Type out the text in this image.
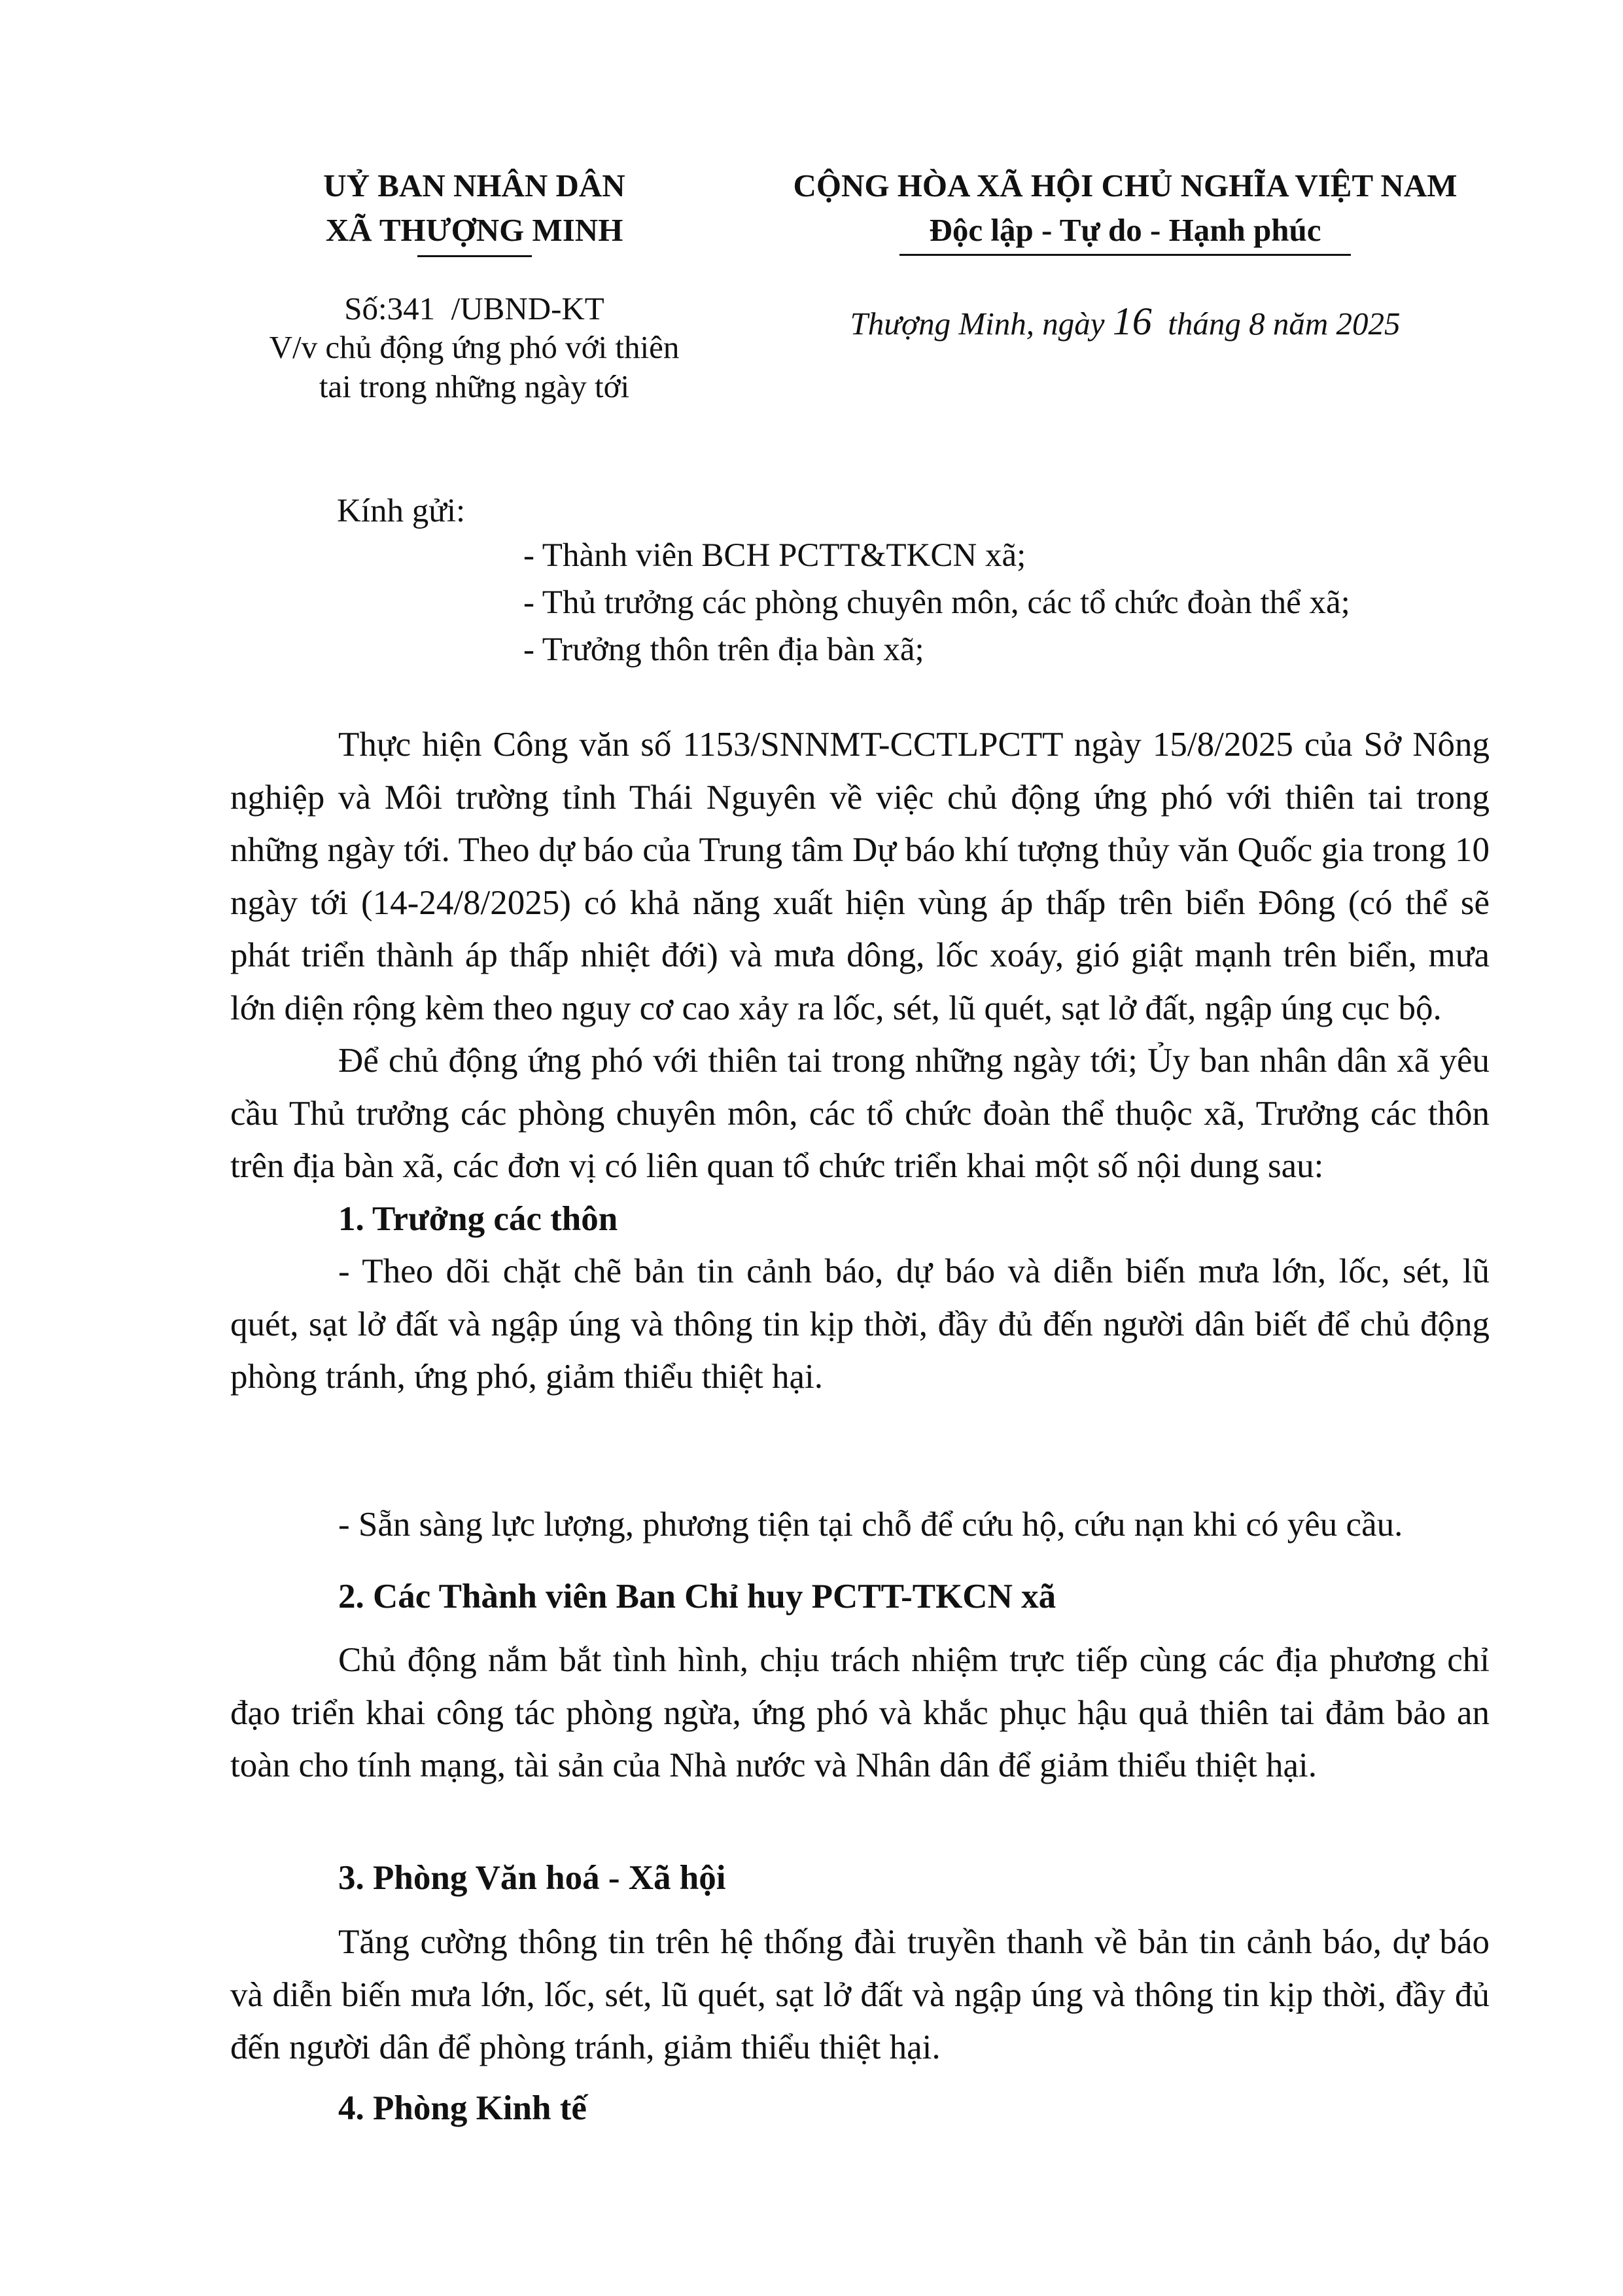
UỶ BAN NHÂN DÂN
XÃ THƯỢNG MINH
Số:341 /UBND-KT
V/v chủ động ứng phó với thiên
tai trong những ngày tới
CỘNG HÒA XÃ HỘI CHỦ NGHĨA VIỆT NAM
Độc lập - Tự do - Hạnh phúc
Thượng Minh, ngày 16 tháng 8 năm 2025
Kính gửi:
- Thành viên BCH PCTT&TKCN xã;
- Thủ trưởng các phòng chuyên môn, các tổ chức đoàn thể xã;
- Trưởng thôn trên địa bàn xã;

Thực hiện Công văn số 1153/SNNMT-CCTLPCTT ngày 15/8/2025 của Sở Nông nghiệp và Môi trường tỉnh Thái Nguyên về việc chủ động ứng phó với thiên tai trong những ngày tới. Theo dự báo của Trung tâm Dự báo khí tượng thủy văn Quốc gia trong 10 ngày tới (14-24/8/2025) có khả năng xuất hiện vùng áp thấp trên biển Đông (có thể sẽ phát triển thành áp thấp nhiệt đới) và mưa dông, lốc xoáy, gió giật mạnh trên biển, mưa lớn diện rộng kèm theo nguy cơ cao xảy ra lốc, sét, lũ quét, sạt lở đất, ngập úng cục bộ.

Để chủ động ứng phó với thiên tai trong những ngày tới; Ủy ban nhân dân xã yêu cầu Thủ trưởng các phòng chuyên môn, các tổ chức đoàn thể thuộc xã, Trưởng các thôn trên địa bàn xã, các đơn vị có liên quan tổ chức triển khai một số nội dung sau:

1. Trưởng các thôn

- Theo dõi chặt chẽ bản tin cảnh báo, dự báo và diễn biến mưa lớn, lốc, sét, lũ quét, sạt lở đất và ngập úng và thông tin kịp thời, đầy đủ đến người dân biết để chủ động phòng tránh, ứng phó, giảm thiểu thiệt hại.

- Sẵn sàng lực lượng, phương tiện tại chỗ để cứu hộ, cứu nạn khi có yêu cầu.

2. Các Thành viên Ban Chỉ huy PCTT-TKCN xã

Chủ động nắm bắt tình hình, chịu trách nhiệm trực tiếp cùng các địa phương chỉ đạo triển khai công tác phòng ngừa, ứng phó và khắc phục hậu quả thiên tai đảm bảo an toàn cho tính mạng, tài sản của Nhà nước và Nhân dân để giảm thiểu thiệt hại.

3. Phòng Văn hoá - Xã hội

Tăng cường thông tin trên hệ thống đài truyền thanh về bản tin cảnh báo, dự báo và diễn biến mưa lớn, lốc, sét, lũ quét, sạt lở đất và ngập úng và thông tin kịp thời, đầy đủ đến người dân để phòng tránh, giảm thiểu thiệt hại.

4. Phòng Kinh tế
